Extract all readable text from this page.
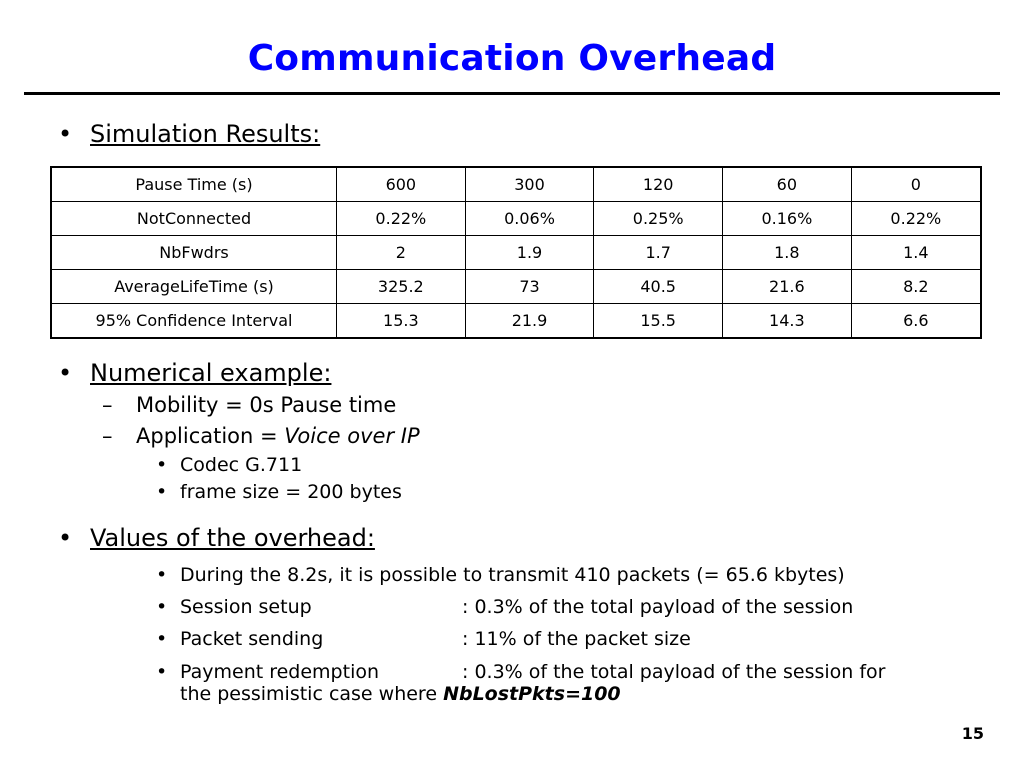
Communication Overhead
• Simulation Results:
Pause Time (s)	600	300	120	60	0
NotConnected	0.22%	0.06%	0.25%	0.16%	0.22%
NbFwdrs	2	1.9	1.7	1.8	1.4
AverageLifeTime (s)	325.2	73	40.5	21.6	8.2
95% Confidence Interval	15.3	21.9	15.5	14.3	6.6
• Numerical example:
– Mobility = 0s Pause time
– Application = Voice over IP
• Codec G.711
• frame size = 200 bytes
• Values of the overhead:
• During the 8.2s, it is possible to transmit 410 packets (= 65.6 kbytes)
• Session setup	: 0.3% of the total payload of the session
• Packet sending	: 11% of the packet size
• Payment redemption	: 0.3% of the total payload of the session for
the pessimistic case where NbLostPkts=100
15
